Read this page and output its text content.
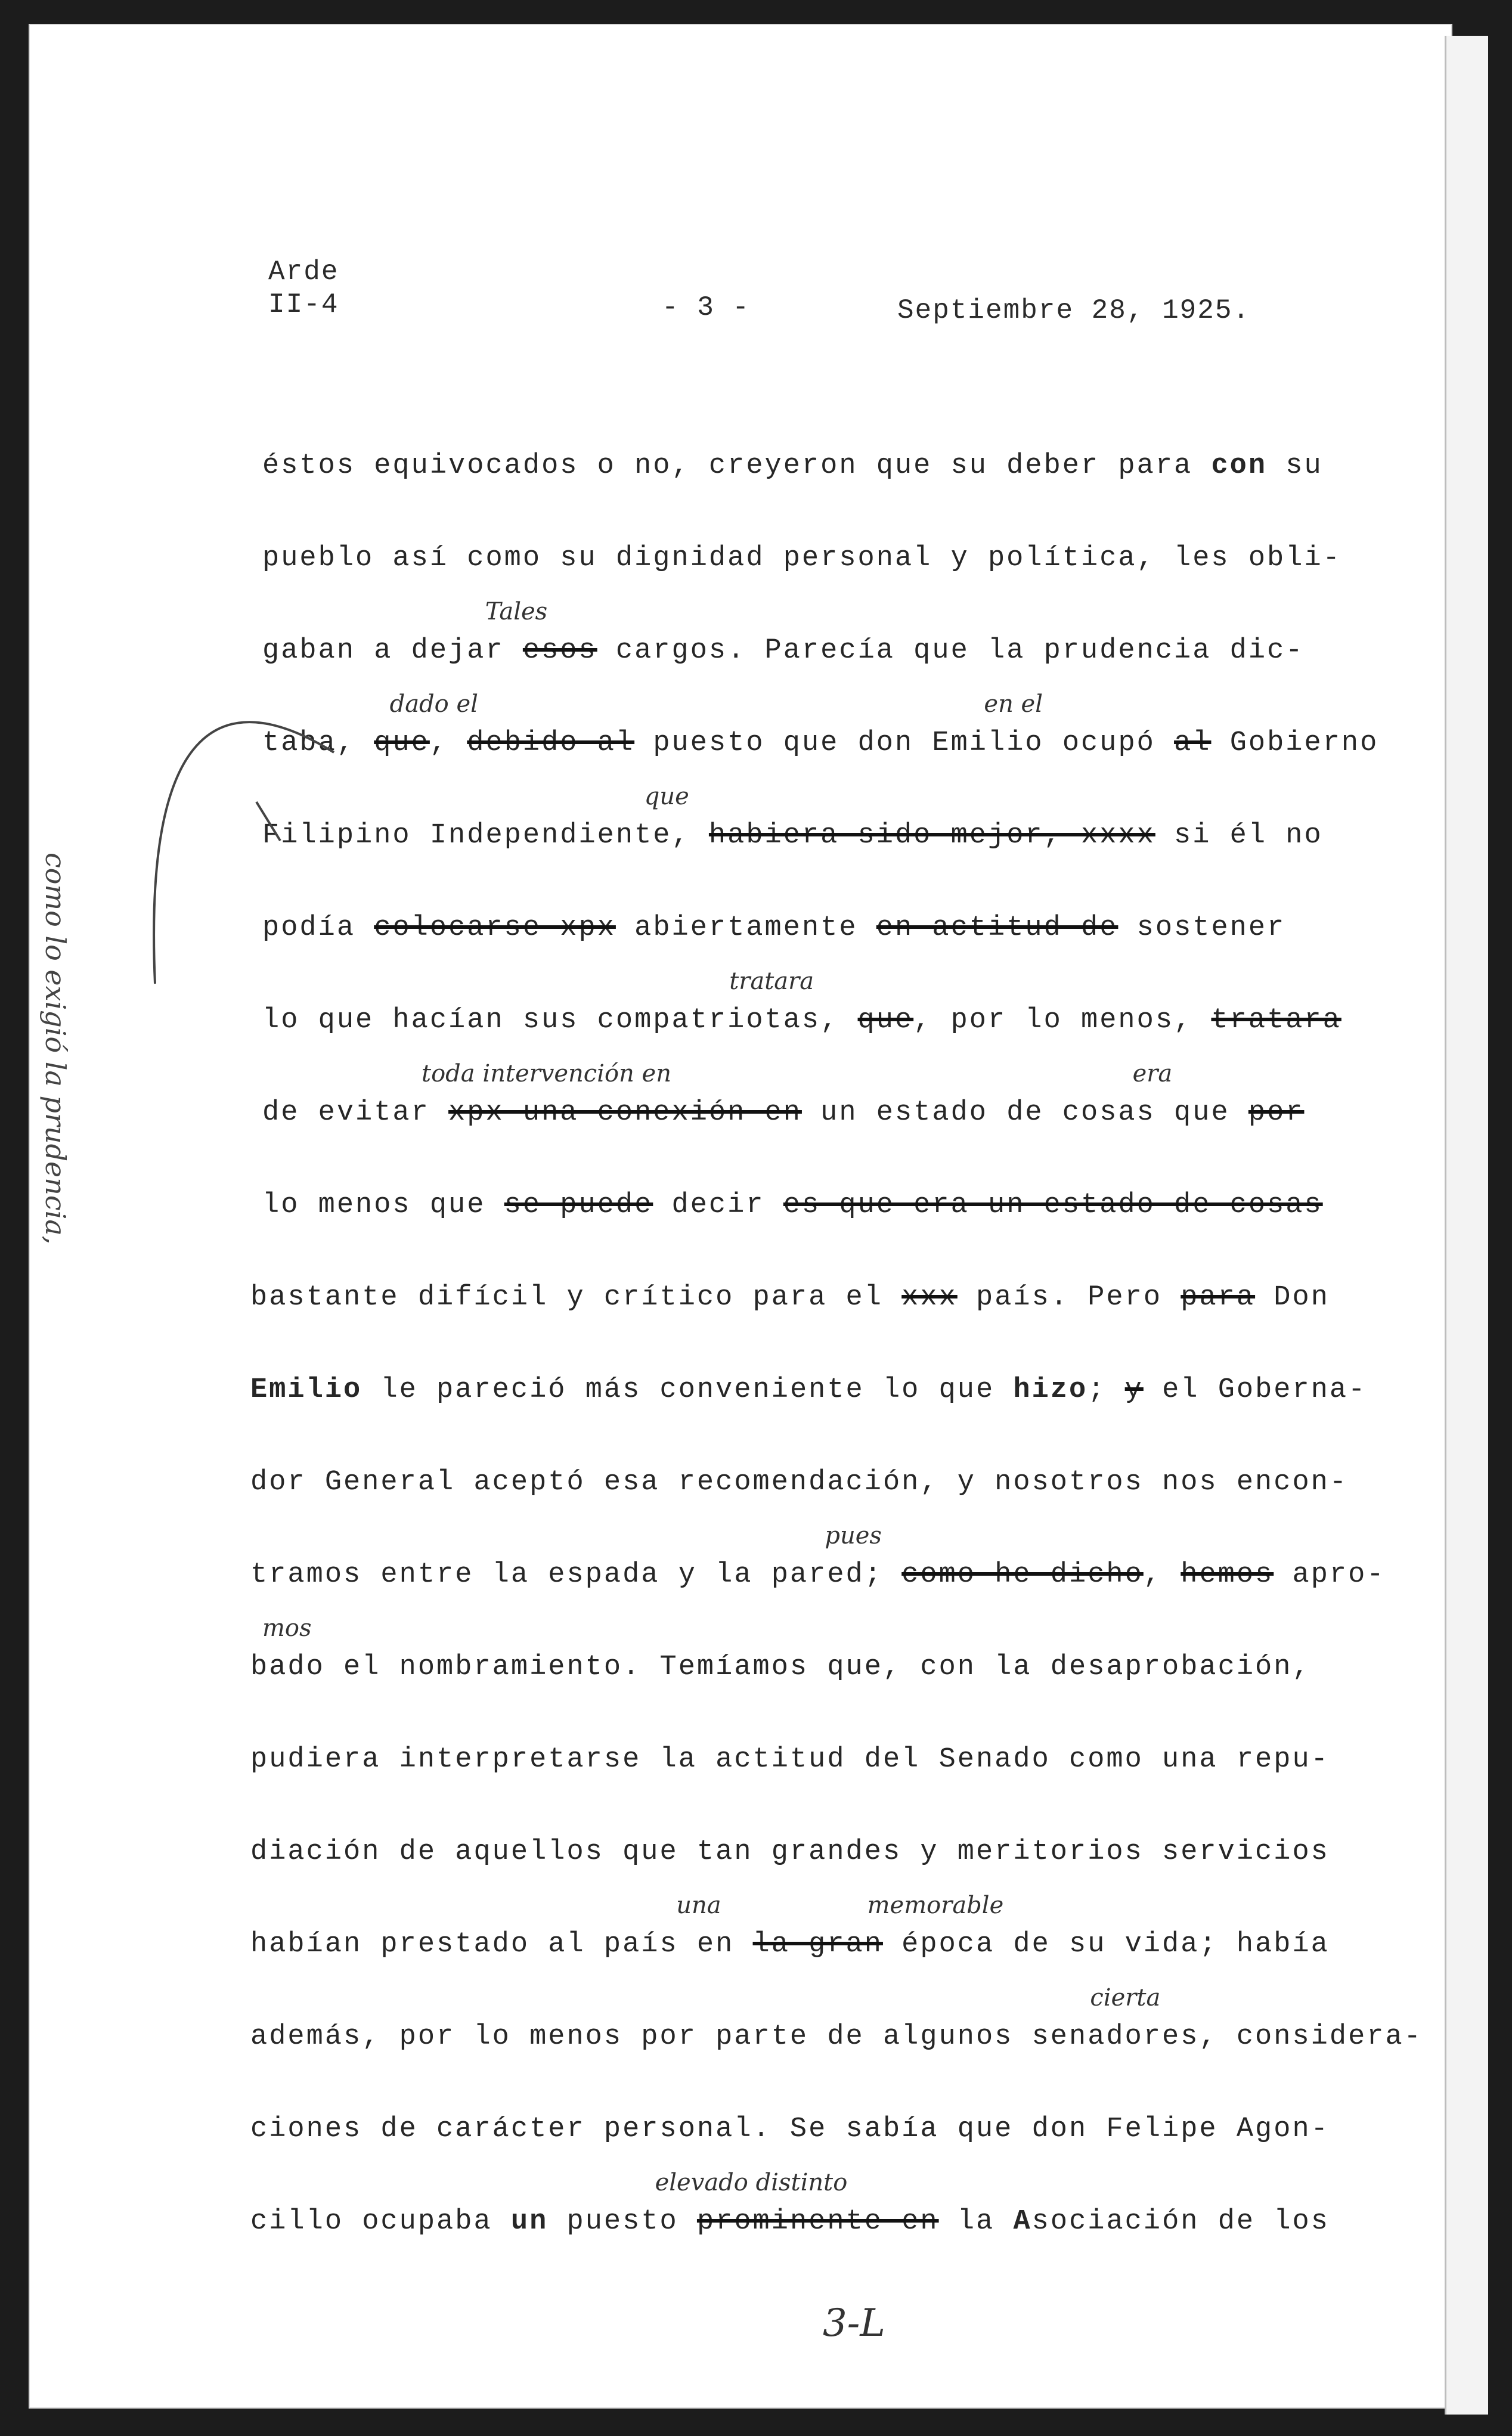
Arde
II-4	- 3 -	Septiembre 28, 1925.
éstos equivocados o no, creyeron que su deber para con su
pueblo así como su dignidad personal y política, les obli-
gaban a dejar esos cargos. Parecía que la prudencia dic-
taba, que, debido al puesto que don Emilio ocupó al Gobierno
Filipino Independiente, habiera sido mejor, xxxx si él no
podía colocarse xpx abiertamente en actitud de sostener
lo que hacían sus compatriotas, que, por lo menos, tratara
de evitar xpx una conexión en un estado de cosas que por
lo menos que se puede decir es que era un estado de cosas
bastante difícil y crítico para el xxx país. Pero para Don
Emilio le pareció más conveniente lo que hizo; y el Goberna-
dor General aceptó esa recomendación, y nosotros nos encon-
tramos entre la espada y la pared; como he dicho, hemos apro-
bado el nombramiento. Temíamos que, con la desaprobación,
pudiera interpretarse la actitud del Senado como una repu-
diación de aquellos que tan grandes y meritorios servicios
habían prestado al país en la gran época de su vida; había
además, por lo menos por parte de algunos senadores, considera-
ciones de carácter personal. Se sabía que don Felipe Agon-
cillo ocupaba un puesto prominente en la Asociación de los
Tales
dado el	en el
que
tratara
toda intervención en	era
pues
mos
una	memorable
cierta
elevado distinto
como lo exigió la prudencia,
3-L
